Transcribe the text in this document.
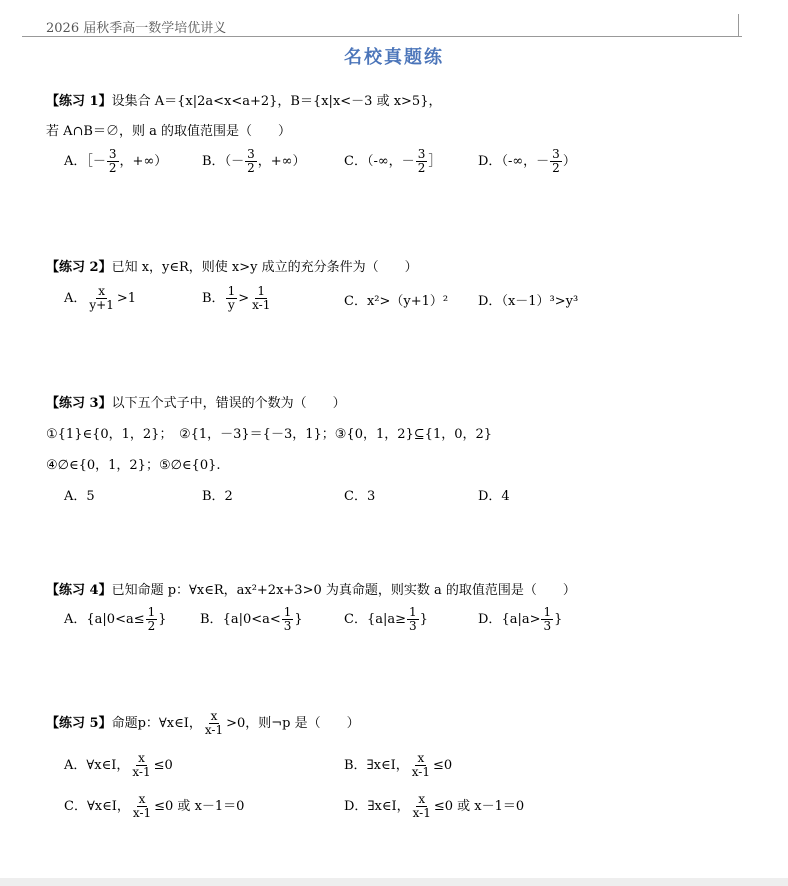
2026 届秋季高一数学培优讲义
名校真题练
【练习 1】设集合 A＝{x|2a<x<a+2}，B＝{x|x<－3 或 x>5}，
若 A∩B＝∅，则 a 的取值范围是（　　）
A．［－ $\frac{3}{2}$ ，+∞）	B．（－ $\frac{3}{2}$ ，+∞）	C．（-∞，－ $\frac{3}{2}$ ］	D．（-∞，－ $\frac{3}{2}$ ）
【练习 2】已知 x，y∈R，则使 x>y 成立的充分条件为（　　）
A． $\frac{x}{y+1} >1$	B． $\frac{1}{y} > \frac{1}{x-1}$	C．x²>（y+1）² D．（x－1）³>y³
【练习 3】以下五个式子中，错误的个数为（　　）
①{1}∈{0，1，2}；　②{1，－3}＝{－3，1}；③{0，1，2}⊆{1，0，2}
④∅∈{0，1，2}；⑤∅∈{0}.
A．5	B．2	C．3	D．4
【练习 4】已知命题 p：∀x∈R，ax²+2x+3>0 为真命题，则实数 a 的取值范围是（　　）
A．{$a|0<a\le \frac{1}{2}$ }	B．{$a|0<a< \frac{1}{3}$ }	C．{$a|a\ge \frac{1}{3}$ }	D．{$a|a> \frac{1}{3}$ }
【练习 5】命题p：∀x∈I， $\frac{x}{x-1} >0$，则¬p 是（　　）
A．∀x∈I， $\frac{x}{x-1} \le 0$	B．∃x∈I， $\frac{x}{x-1} \le 0$
C．∀x∈I， $\frac{x}{x-1} \le 0$ 或 x－1＝0	D．∃x∈I， $\frac{x}{x-1} \le 0$ 或 x－1＝0
